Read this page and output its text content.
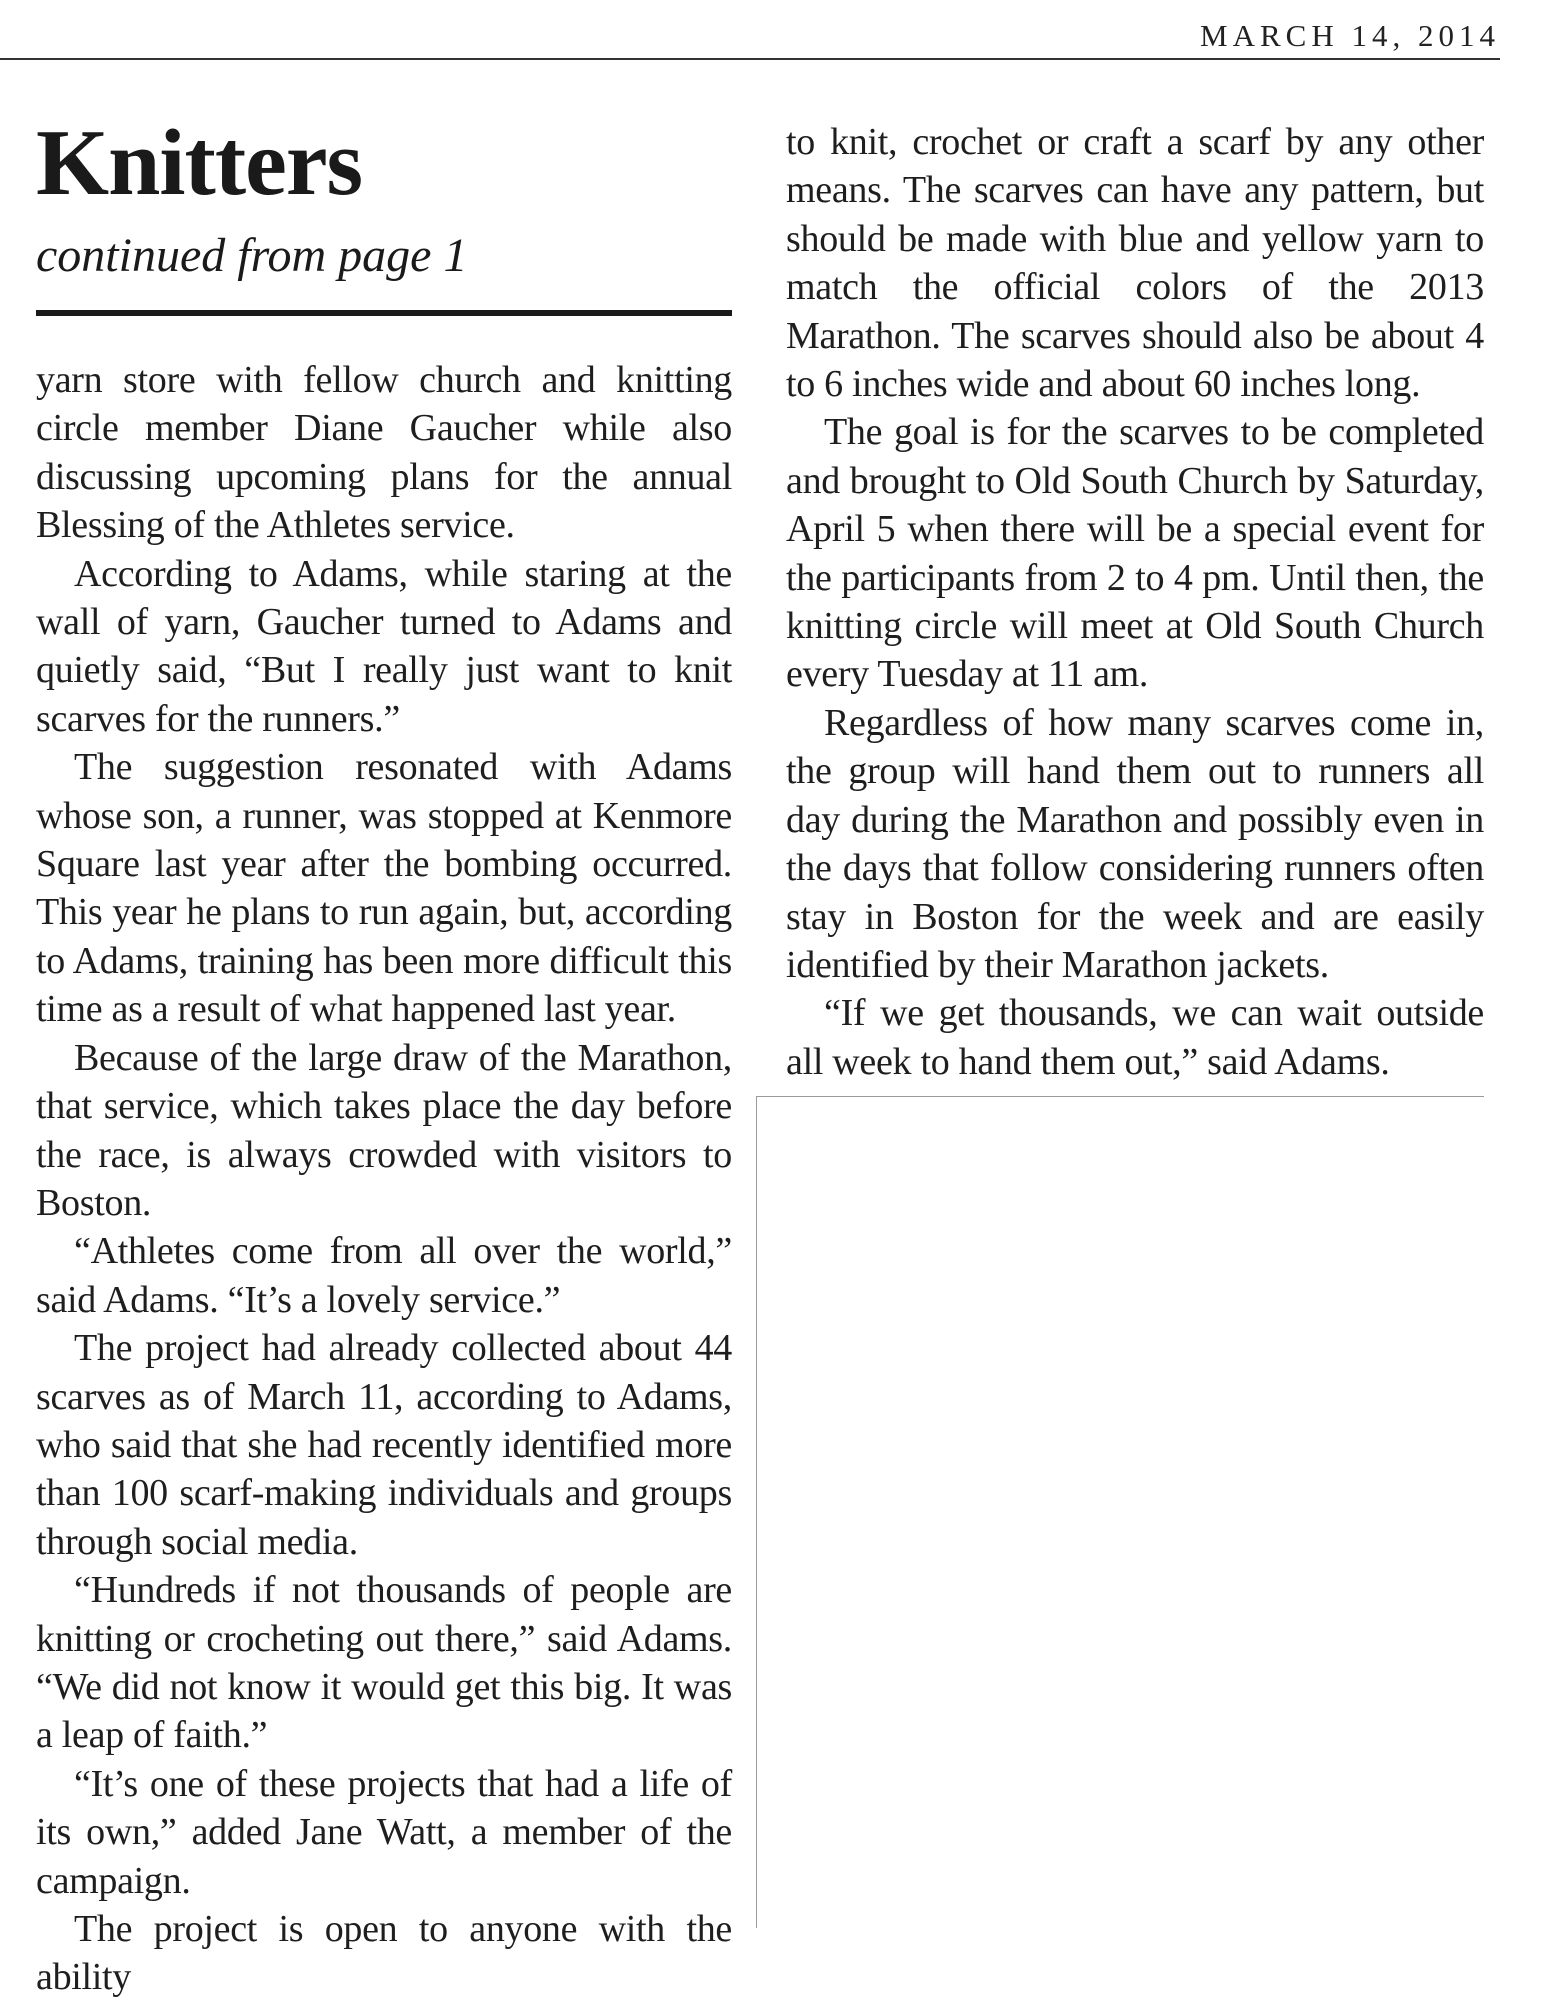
MARCH 14, 2014
Knitters
continued from page 1

yarn store with fellow church and knitting circle member Diane Gaucher while also discussing upcoming plans for the annual Blessing of the Athletes service.

According to Adams, while staring at the wall of yarn, Gaucher turned to Adams and quietly said, “But I really just want to knit scarves for the runners.”

The suggestion resonated with Adams whose son, a runner, was stopped at Kenmore Square last year after the bombing occurred. This year he plans to run again, but, according to Adams, training has been more difficult this time as a result of what happened last year.

Because of the large draw of the Marathon, that service, which takes place the day before the race, is always crowded with visitors to Boston.

“Athletes come from all over the world,” said Adams. “It’s a lovely service.”

The project had already collected about 44 scarves as of March 11, according to Adams, who said that she had recently identified more than 100 scarf-making individuals and groups through social media.

“Hundreds if not thousands of people are knitting or crocheting out there,” said Adams. “We did not know it would get this big. It was a leap of faith.”

“It’s one of these projects that had a life of its own,” added Jane Watt, a member of the campaign.

The project is open to anyone with the ability

to knit, crochet or craft a scarf by any other means. The scarves can have any pattern, but should be made with blue and yellow yarn to match the official colors of the 2013 Marathon. The scarves should also be about 4 to 6 inches wide and about 60 inches long.

The goal is for the scarves to be completed and brought to Old South Church by Saturday, April 5 when there will be a special event for the participants from 2 to 4 pm. Until then, the knitting circle will meet at Old South Church every Tuesday at 11 am.

Regardless of how many scarves come in, the group will hand them out to runners all day during the Marathon and possibly even in the days that follow considering runners often stay in Boston for the week and are easily identified by their Marathon jackets.

“If we get thousands, we can wait outside all week to hand them out,” said Adams.
